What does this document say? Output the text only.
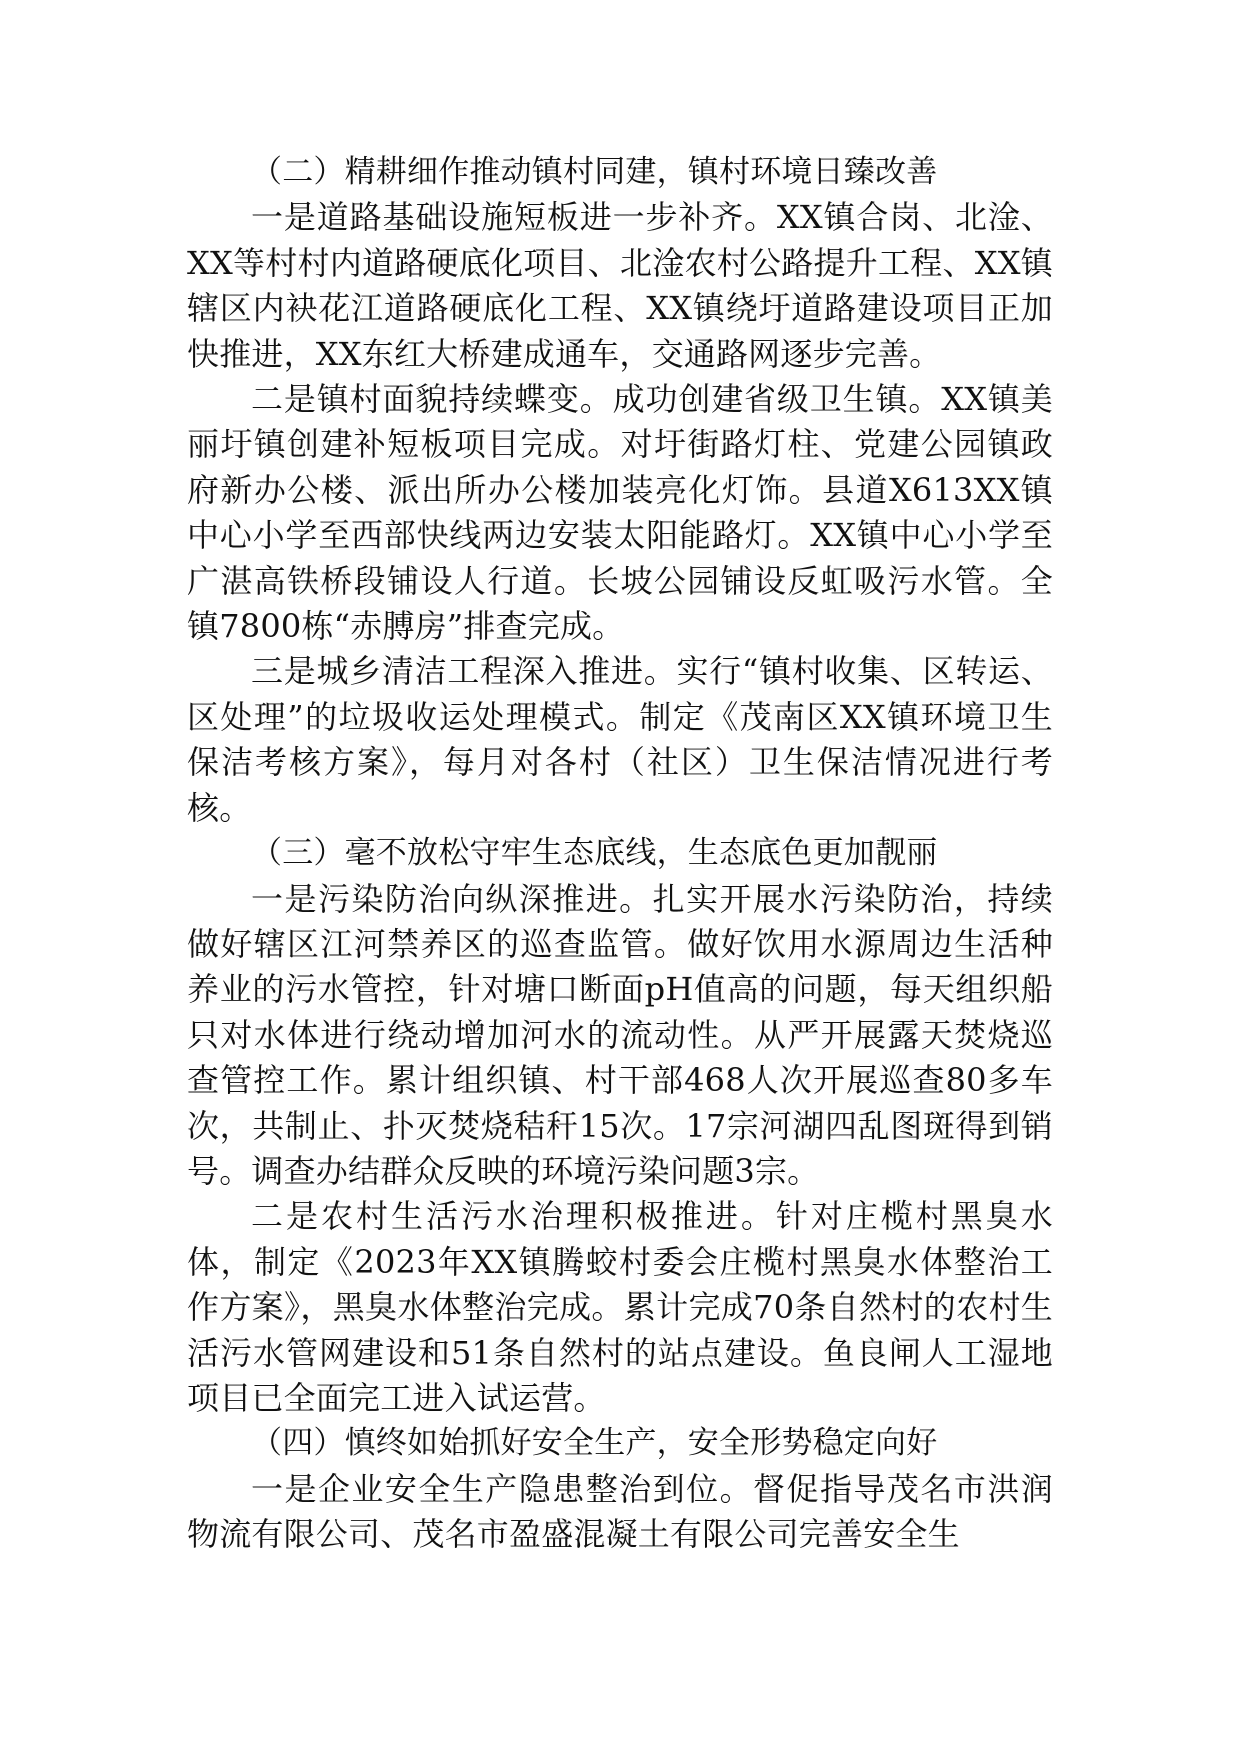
（二）精耕细作推动镇村同建，镇村环境日臻改善

一是道路基础设施短板进一步补齐。XX镇合岗、北淦、XX等村村内道路硬底化项目、北淦农村公路提升工程、XX镇辖区内袂花江道路硬底化工程、XX镇绕圩道路建设项目正加快推进，XX东红大桥建成通车，交通路网逐步完善。

二是镇村面貌持续蝶变。成功创建省级卫生镇。XX镇美丽圩镇创建补短板项目完成。对圩街路灯柱、党建公园镇政府新办公楼、派出所办公楼加装亮化灯饰。县道X613XX镇中心小学至西部快线两边安装太阳能路灯。XX镇中心小学至广湛高铁桥段铺设人行道。长坡公园铺设反虹吸污水管。全镇7800栋“赤膊房”排查完成。

三是城乡清洁工程深入推进。实行“镇村收集、区转运、区处理”的垃圾收运处理模式。制定《茂南区XX镇环境卫生保洁考核方案》，每月对各村（社区）卫生保洁情况进行考核。

（三）毫不放松守牢生态底线，生态底色更加靓丽

一是污染防治向纵深推进。扎实开展水污染防治，持续做好辖区江河禁养区的巡查监管。做好饮用水源周边生活种养业的污水管控，针对塘口断面pH值高的问题，每天组织船只对水体进行绕动增加河水的流动性。从严开展露天焚烧巡查管控工作。累计组织镇、村干部468人次开展巡查80多车次，共制止、扑灭焚烧秸秆15次。17宗河湖四乱图斑得到销号。调查办结群众反映的环境污染问题3宗。

二是农村生活污水治理积极推进。针对庄榄村黑臭水体，制定《2023年XX镇腾蛟村委会庄榄村黑臭水体整治工作方案》，黑臭水体整治完成。累计完成70条自然村的农村生活污水管网建设和51条自然村的站点建设。鱼良闸人工湿地项目已全面完工进入试运营。

（四）慎终如始抓好安全生产，安全形势稳定向好

一是企业安全生产隐患整治到位。督促指导茂名市洪润物流有限公司、茂名市盈盛混凝土有限公司完善安全生
